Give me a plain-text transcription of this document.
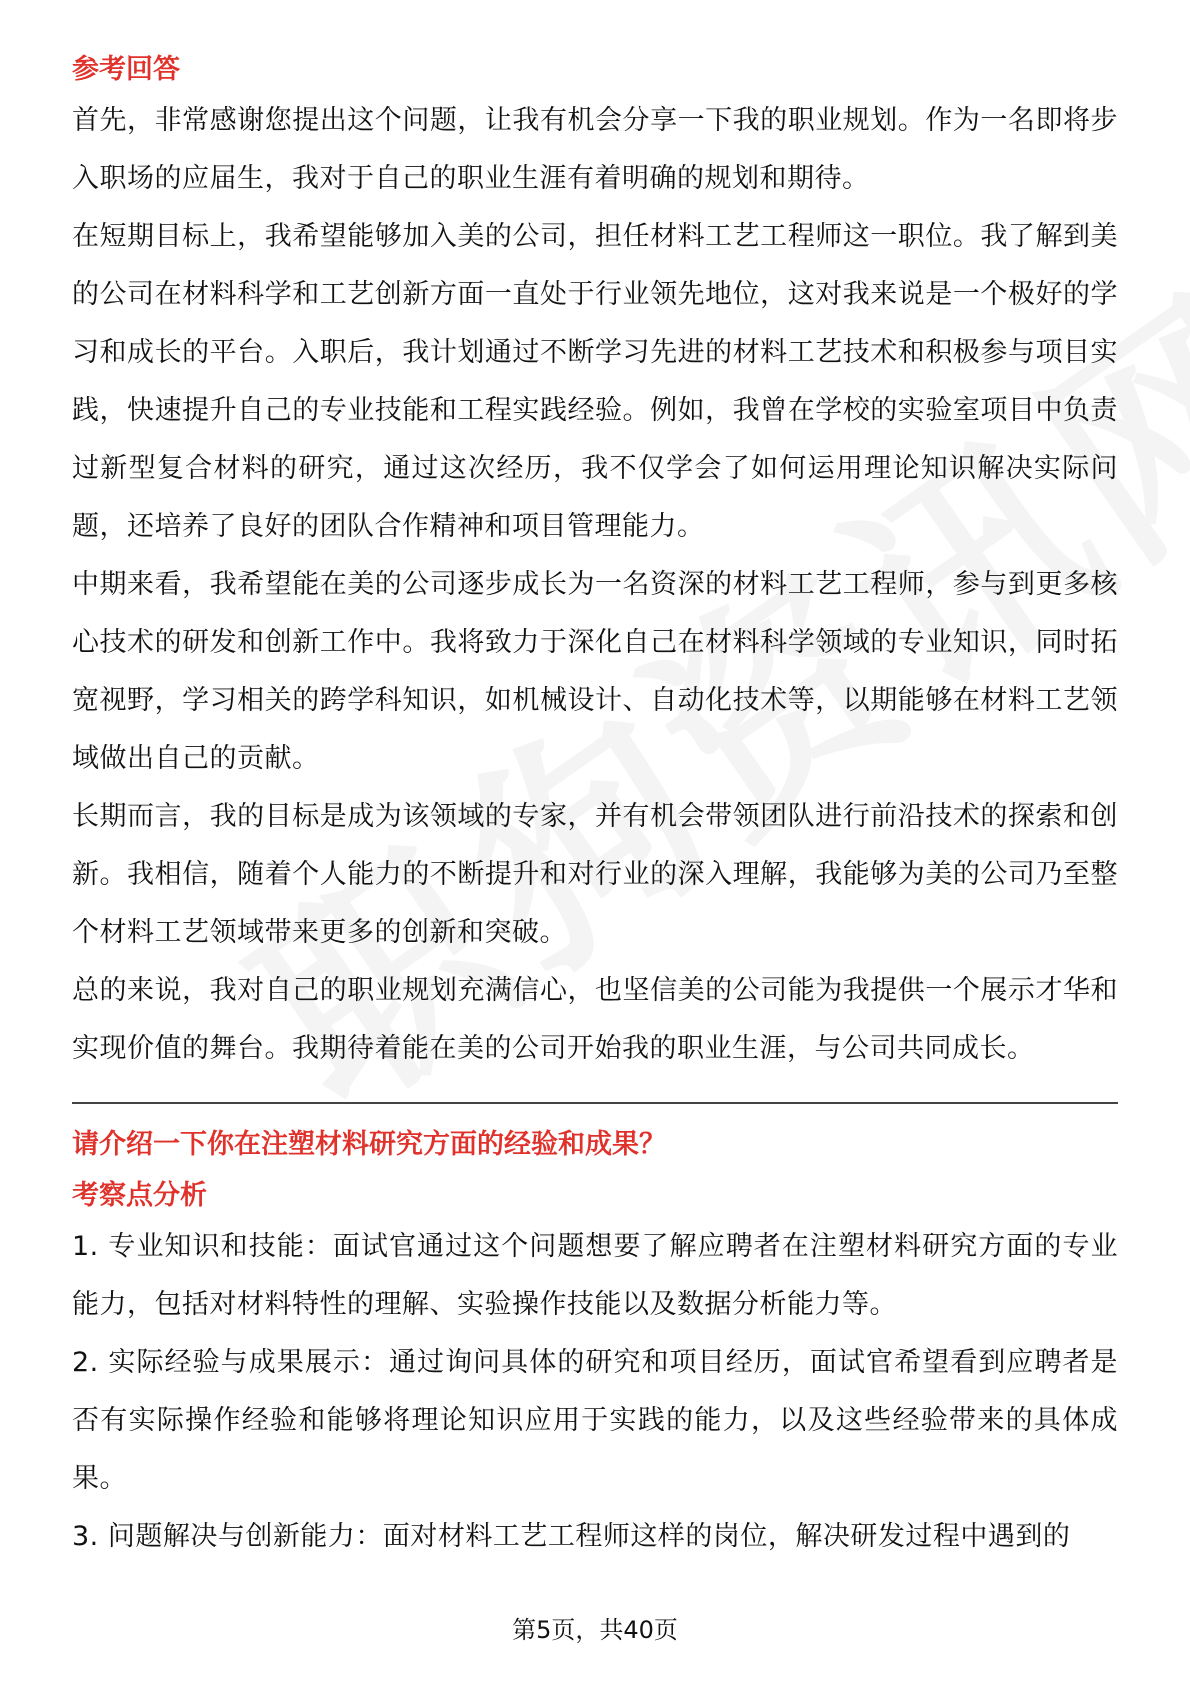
参考回答

首先，非常感谢您提出这个问题，让我有机会分享一下我的职业规划。作为一名即将步入职场的应届生，我对于自己的职业生涯有着明确的规划和期待。

在短期目标上，我希望能够加入美的公司，担任材料工艺工程师这一职位。我了解到美的公司在材料科学和工艺创新方面一直处于行业领先地位，这对我来说是一个极好的学习和成长的平台。入职后，我计划通过不断学习先进的材料工艺技术和积极参与项目实践，快速提升自己的专业技能和工程实践经验。例如，我曾在学校的实验室项目中负责过新型复合材料的研究，通过这次经历，我不仅学会了如何运用理论知识解决实际问题，还培养了良好的团队合作精神和项目管理能力。

中期来看，我希望能在美的公司逐步成长为一名资深的材料工艺工程师，参与到更多核心技术的研发和创新工作中。我将致力于深化自己在材料科学领域的专业知识，同时拓宽视野，学习相关的跨学科知识，如机械设计、自动化技术等，以期能够在材料工艺领域做出自己的贡献。

长期而言，我的目标是成为该领域的专家，并有机会带领团队进行前沿技术的探索和创新。我相信，随着个人能力的不断提升和对行业的深入理解，我能够为美的公司乃至整个材料工艺领域带来更多的创新和突破。

总的来说，我对自己的职业规划充满信心，也坚信美的公司能为我提供一个展示才华和实现价值的舞台。我期待着能在美的公司开始我的职业生涯，与公司共同成长。

请介绍一下你在注塑材料研究方面的经验和成果？
考察点分析

1. 专业知识和技能：面试官通过这个问题想要了解应聘者在注塑材料研究方面的专业能力，包括对材料特性的理解、实验操作技能以及数据分析能力等。

2. 实际经验与成果展示：通过询问具体的研究和项目经历，面试官希望看到应聘者是否有实际操作经验和能够将理论知识应用于实践的能力，以及这些经验带来的具体成果。

3. 问题解决与创新能力：面对材料工艺工程师这样的岗位，解决研发过程中遇到的

第5页，共40页
